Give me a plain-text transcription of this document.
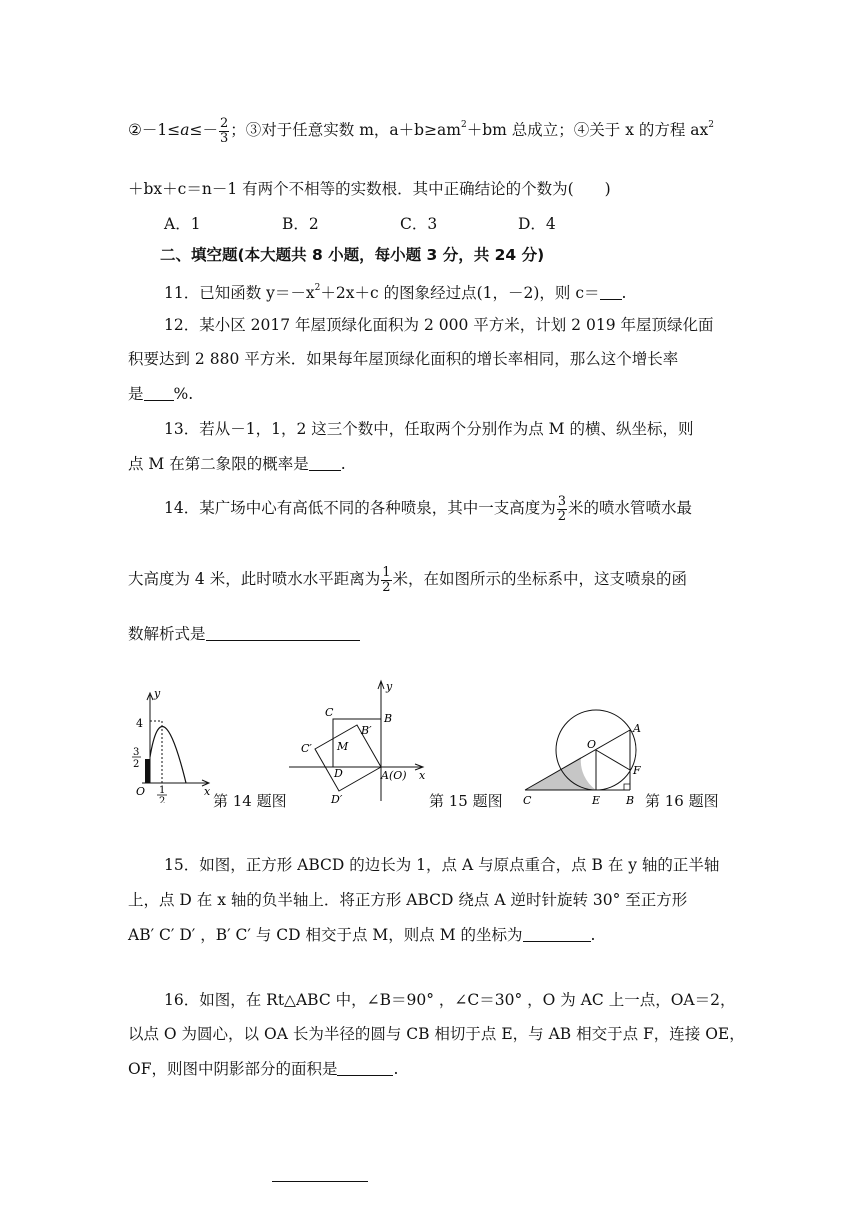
②－1≤a≤－ $\frac{2}{3}$ ；③对于任意实数 m，$a+b\ge am^2+bm$ 总成立；④关于 x 的方程 $ax^2$
＋bx＋c＝n－1 有两个不相等的实数根．其中正确结论的个数为(　　)
A．1	B．2	C．3	D．4
二、填空题(本大题共 8 小题，每小题 3 分，共 24 分)
11．已知函数 $y=-x^2+2x+c$ 的图象经过点(1，－2)，则 c＝ .
12．某小区 2017 年屋顶绿化面积为 2 000 平方米，计划 2 019 年屋顶绿化面
积要达到 2 880 平方米．如果每年屋顶绿化面积的增长率相同，那么这个增长率
是 %.
13．若从－1，1，2 这三个数中，任取两个分别作为点 M 的横、纵坐标，则
点 M 在第二象限的概率是 .
14．某广场中心有高低不同的各种喷泉，其中一支高度为 $\frac{3}{2}$ 米的喷水管喷水最
大高度为 4 米，此时喷水水平距离为 $\frac{1}{2}$ 米，在如图所示的坐标系中，这支喷泉的函
数解析式是
4
y
x
O
3
2
1
2	第 14 题图
C	B
B′
C′ M
D
D′
A(O)
y
x
第 15 题图
O
A
F
C	E B 第 16 题图
15．如图，正方形 ABCD 的边长为 1，点 A 与原点重合，点 B 在 y 轴的正半轴
上，点 D 在 x 轴的负半轴上．将正方形 ABCD 绕点 A 逆时针旋转 30° 至正方形
AB′ C′ D′ ，B′ C′ 与 CD 相交于点 M，则点 M 的坐标为	.
16．如图，在 Rt△ABC 中，∠B＝90° ，∠C＝30° ，O 为 AC 上一点，OA＝2，
以点 O 为圆心，以 OA 长为半径的圆与 CB 相切于点 E，与 AB 相交于点 F，连接 OE，
OF，则图中阴影部分的面积是	.
